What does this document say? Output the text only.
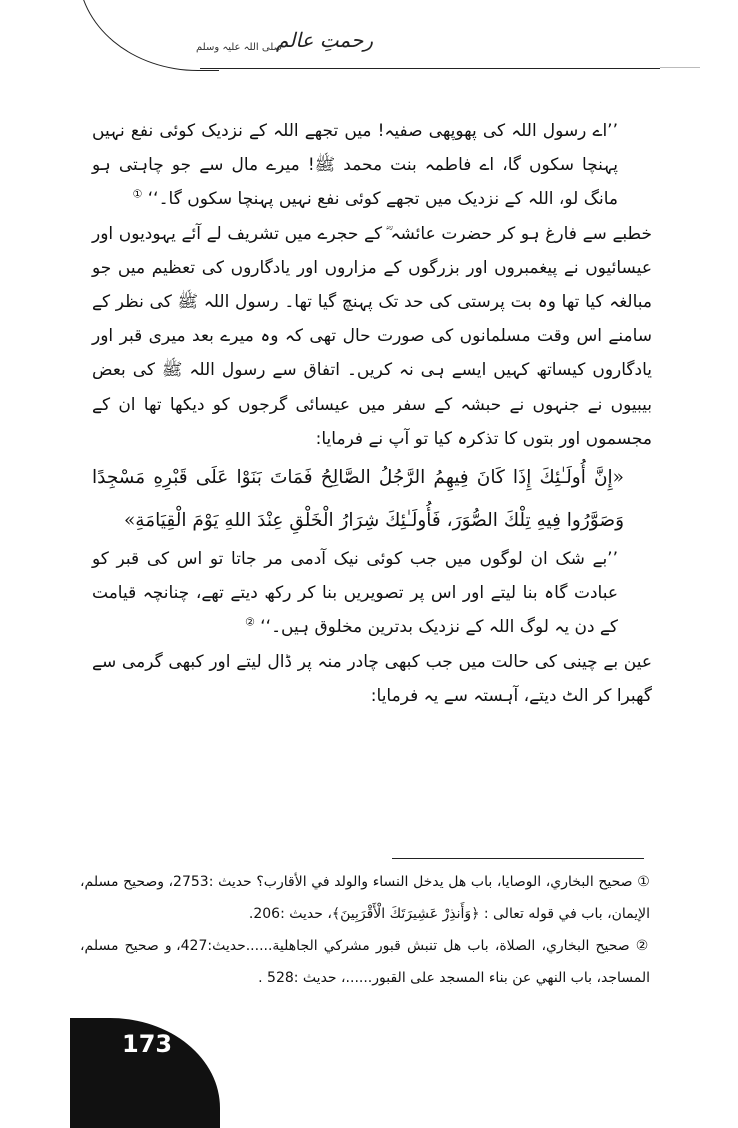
رحمتِ عالم
صلی اللہ علیہ وسلم

’’اے رسول اللہ کی پھوپھی صفیہ! میں تجھے اللہ کے نزدیک کوئی نفع نہیں پہنچا سکوں گا، اے فاطمہ بنت محمد ﷺ! میرے مال سے جو چاہتی ہو مانگ لو، اللہ کے نزدیک میں تجھے کوئی نفع نہیں پہنچا سکوں گا۔‘‘ ①

خطبے سے فارغ ہو کر حضرت عائشہ ؓ کے حجرے میں تشریف لے آئے یہودیوں اور عیسائیوں نے پیغمبروں اور بزرگوں کے مزاروں اور یادگاروں کی تعظیم میں جو مبالغہ کیا تھا وہ بت پرستی کی حد تک پہنچ گیا تھا۔ رسول اللہ ﷺ کی نظر کے سامنے اس وقت مسلمانوں کی صورت حال تھی کہ وہ میرے بعد میری قبر اور یادگاروں کیساتھ کہیں ایسے ہی نہ کریں۔ اتفاق سے رسول اللہ ﷺ کی بعض بیبیوں نے جنہوں نے حبشہ کے سفر میں عیسائی گرجوں کو دیکھا تھا ان کے مجسموں اور بتوں کا تذکرہ کیا تو آپ نے فرمایا:

«إِنَّ أُولَـٰئِكَ إِذَا كَانَ فِيهِمُ الرَّجُلُ الصَّالِحُ فَمَاتَ بَنَوْا عَلَى قَبْرِهِ مَسْجِدًا وَصَوَّرُوا فِيهِ تِلْكَ الصُّوَرَ، فَأُولَـٰئِكَ شِرَارُ الْخَلْقِ عِنْدَ اللهِ يَوْمَ الْقِيَامَةِ»

’’بے شک ان لوگوں میں جب کوئی نیک آدمی مر جاتا تو اس کی قبر کو عبادت گاہ بنا لیتے اور اس پر تصویریں بنا کر رکھ دیتے تھے، چنانچہ قیامت کے دن یہ لوگ اللہ کے نزدیک بدترین مخلوق ہیں۔‘‘ ②

عین بے چینی کی حالت میں جب کبھی چادر منہ پر ڈال لیتے اور کبھی گرمی سے گھبرا کر الٹ دیتے، آہستہ سے یہ فرمایا:

① صحيح البخاري، الوصايا، باب هل يدخل النساء والولد في الأقارب؟ حديث :2753، وصحيح مسلم، الإيمان، باب في قوله تعالى : ﴿وَأَنذِرْ عَشِيرَتَكَ الْأَقْرَبِينَ﴾، حديث :206.

② صحيح البخاري، الصلاة، باب هل تنبش قبور مشركي الجاهلية......حديث:427، و صحيح مسلم، المساجد، باب النهي عن بناء المسجد على القبور......، حديث :528 .

173
